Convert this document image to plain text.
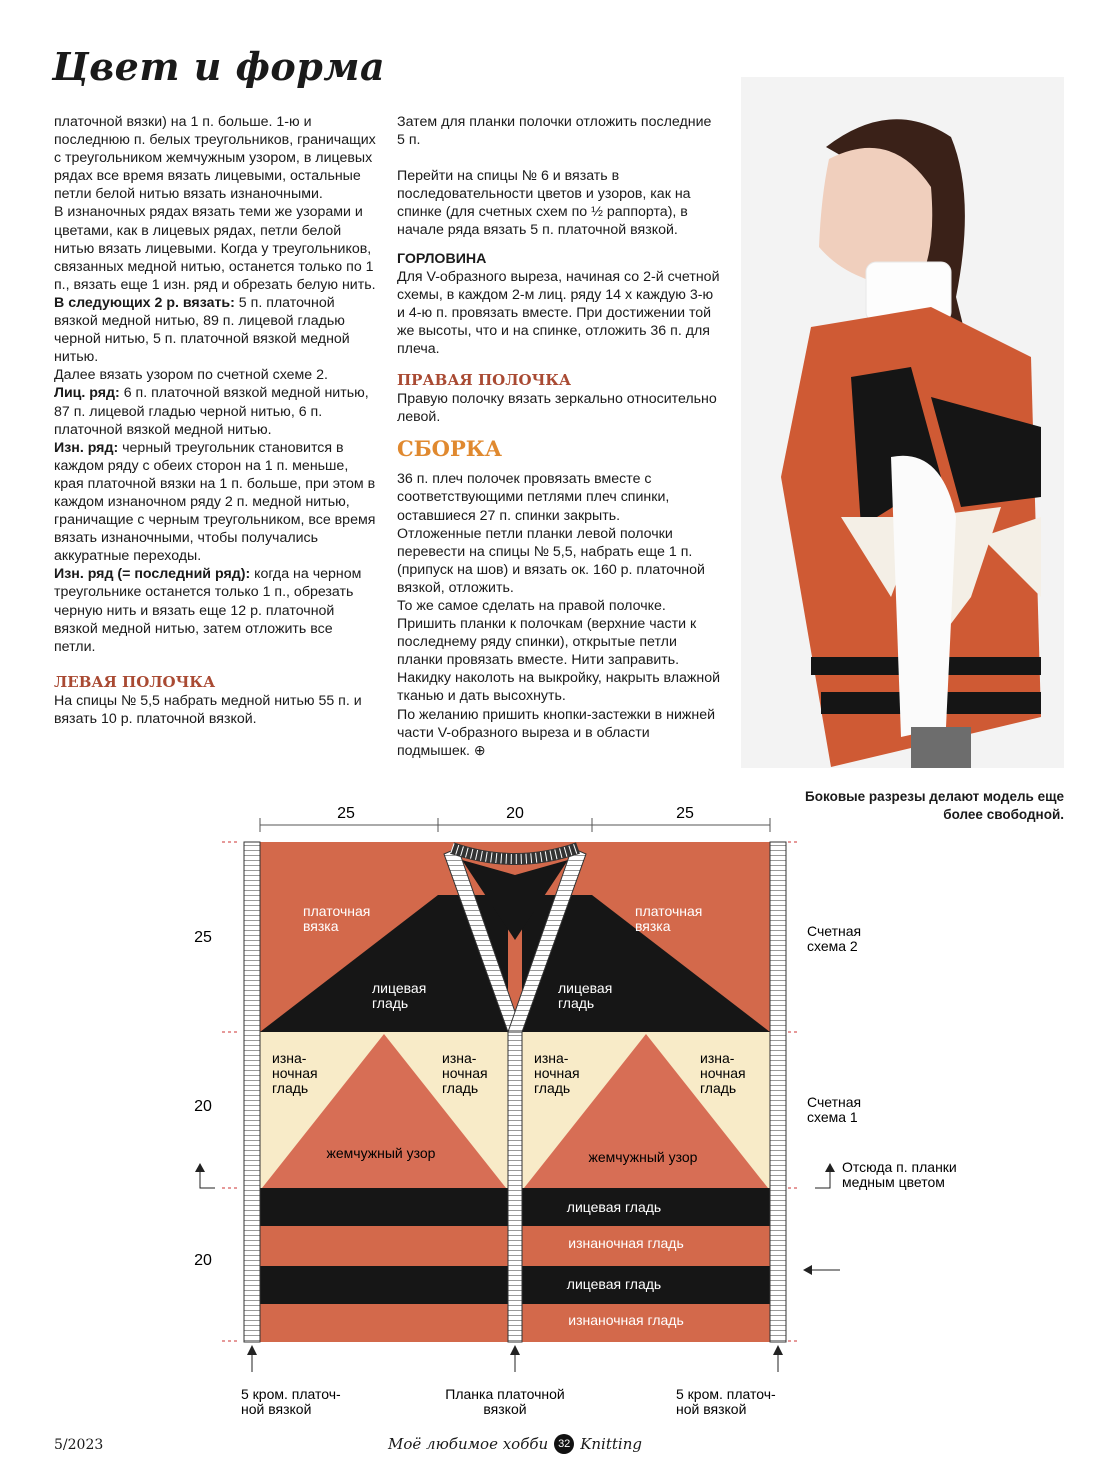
Цвет и форма

платочной вязки) на 1 п. больше. 1-ю и последнюю п. белых треугольников, граничащих с треугольником жемчужным узором, в лицевых рядах все время вязать лицевыми, остальные петли белой нитью вязать изнаночными.

В изнаночных рядах вязать теми же узорами и цветами, как в лицевых рядах, петли белой нитью вязать лицевыми. Когда у треугольников, связанных медной нитью, останется только по 1 п., вязать еще 1 изн. ряд и обрезать белую нить.

В следующих 2 р. вязать: 5 п. платочной вязкой медной нитью, 89 п. лицевой гладью черной нитью, 5 п. платочной вязкой медной нитью.

Далее вязать узором по счетной схеме 2.

Лиц. ряд: 6 п. платочной вязкой медной нитью, 87 п. лицевой гладью черной нитью, 6 п. платочной вязкой медной нитью.

Изн. ряд: черный треугольник становится в каждом ряду с обеих сторон на 1 п. меньше, края платочной вязки на 1 п. больше, при этом в каждом изнаночном ряду 2 п. медной нитью, граничащие с черным треугольником, все время вязать изнаночными, чтобы получались аккуратные переходы.

Изн. ряд (= последний ряд): когда на черном треугольнике останется только 1 п., обрезать черную нить и вязать еще 12 р. платочной вязкой медной нитью, затем отложить все петли.

ЛЕВАЯ ПОЛОЧКА

На спицы № 5,5 набрать медной нитью 55 п. и вязать 10 р. платочной вязкой.

Затем для планки полочки отложить последние 5 п.

Перейти на спицы № 6 и вязать в последовательности цветов и узоров, как на спинке (для счетных схем по ½ раппорта), в начале ряда вязать 5 п. платочной вязкой.

ГОРЛОВИНА

Для V-образного выреза, начиная со 2-й счетной схемы, в каждом 2-м лиц. ряду 14 х каждую 3-ю и 4-ю п. провязать вместе. При достижении той же высоты, что и на спинке, отложить 36 п. для плеча.

ПРАВАЯ ПОЛОЧКА

Правую полочку вязать зеркально относительно левой.

СБОРКА

36 п. плеч полочек провязать вместе с соответствующими петлями плеч спинки, оставшиеся 27 п. спинки закрыть.

Отложенные петли планки левой полочки перевести на спицы № 5,5, набрать еще 1 п. (припуск на шов) и вязать ок. 160 р. платочной вязкой, отложить.

То же самое сделать на правой полочке.

Пришить планки к полочкам (верхние части к последнему ряду спинки), открытые петли планки провязать вместе. Нити заправить.

Накидку наколоть на выкройку, накрыть влажной тканью и дать высохнуть.

По желанию пришить кнопки-застежки в нижней части V-образного выреза и в области подмышек. ⊕

Боковые разрезы делают модель еще более свободной.
25	20	25
25
20
20
платочная вязка
платочная вязка
лицевая гладь
лицевая гладь
изна-ночная гладь
изна-ночная гладь
изна-ночная гладь
изна-ночная гладь
жемчужный узор	жемчужный узор
лицевая гладь
изнаночная гладь
лицевая гладь
изнаночная гладь
Счетная схема 2
Счетная схема 1
Отсюда п. планки медным цветом
5 кром. платоч-ной вязкой
Планка платочной вязкой
5 кром. платоч-ной вязкой
5/2023	Моё любимое хобби 32 Knitting
